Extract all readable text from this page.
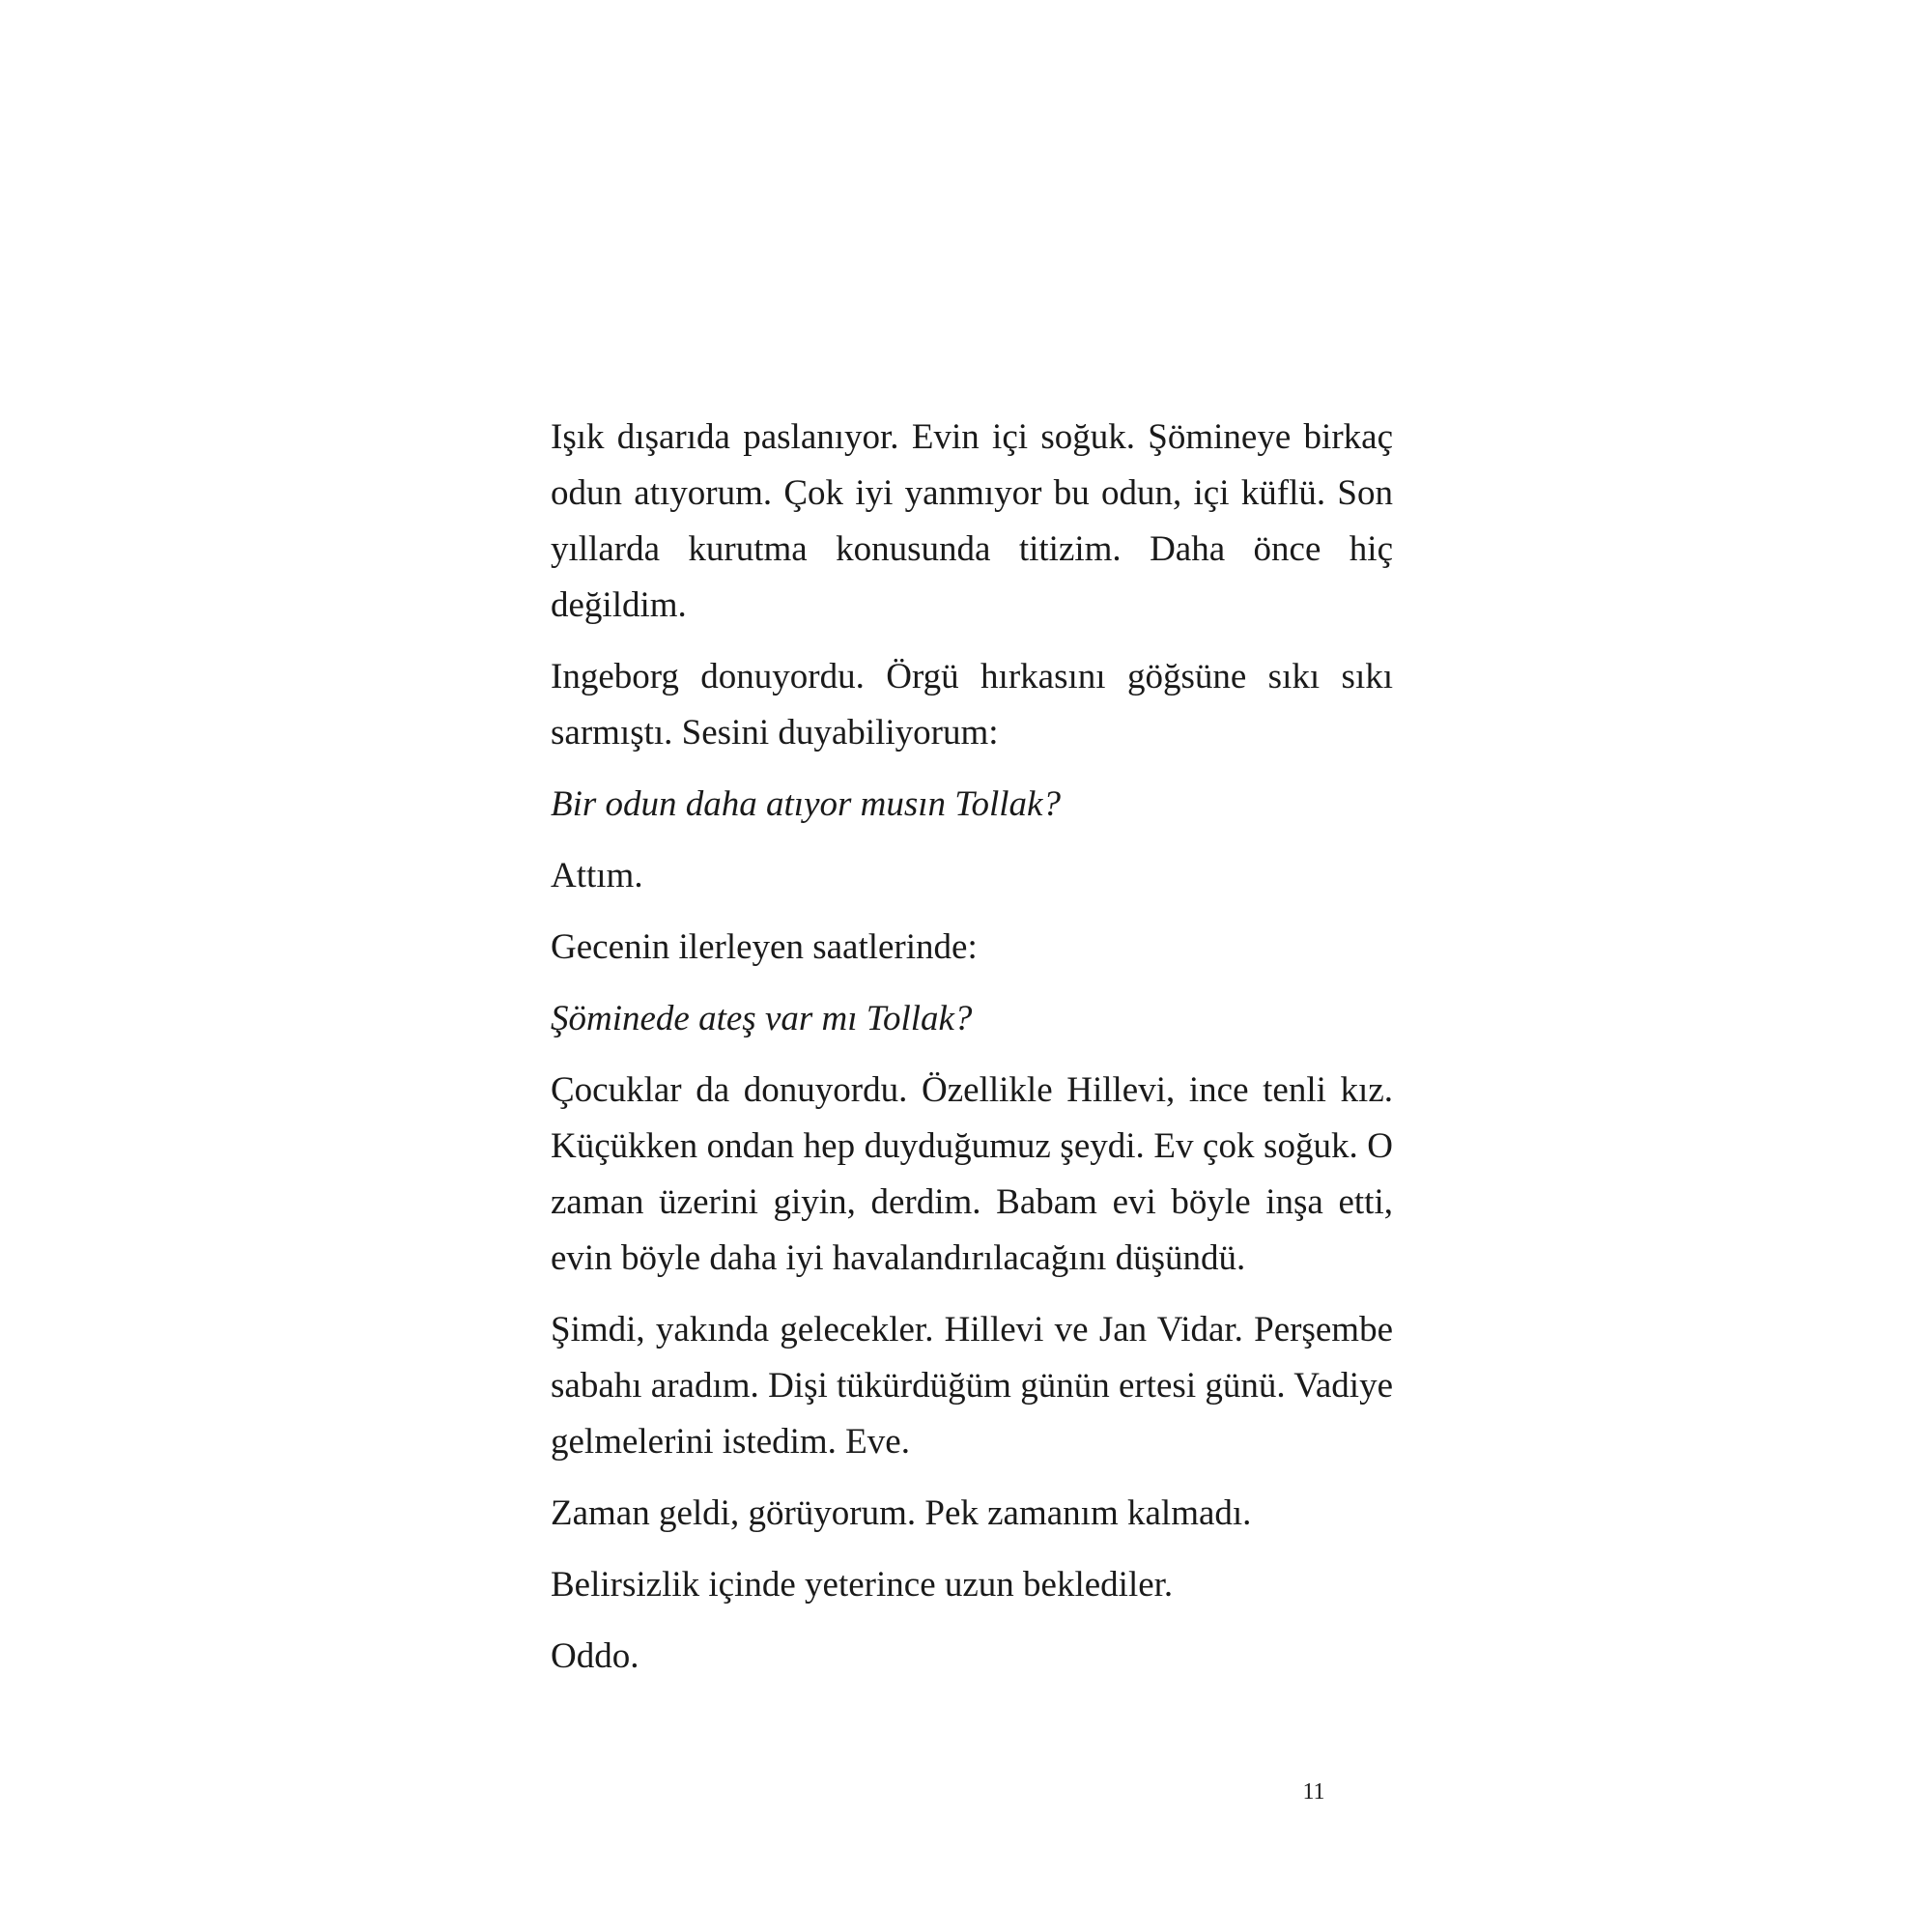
Işık dışarıda paslanıyor. Evin içi soğuk. Şömineye birkaç odun atıyorum. Çok iyi yanmıyor bu odun, içi küflü. Son yıllarda kurutma konusunda titizim. Daha önce hiç değildim.

Ingeborg donuyordu. Örgü hırkasını göğsüne sıkı sıkı sarmıştı. Sesini duyabiliyorum:

Bir odun daha atıyor musın Tollak?

Attım.

Gecenin ilerleyen saatlerinde:

Şöminede ateş var mı Tollak?

Çocuklar da donuyordu. Özellikle Hillevi, ince tenli kız. Küçükken ondan hep duyduğumuz şeydi. Ev çok soğuk. O zaman üzerini giyin, derdim. Babam evi böyle inşa etti, evin böyle daha iyi havalandırılacağını düşündü.

Şimdi, yakında gelecekler. Hillevi ve Jan Vidar. Perşembe sabahı aradım. Dişi tükürdüğüm günün ertesi günü. Vadiye gelmelerini istedim. Eve.

Zaman geldi, görüyorum. Pek zamanım kalmadı.

Belirsizlik içinde yeterince uzun beklediler.

Oddo.

11
